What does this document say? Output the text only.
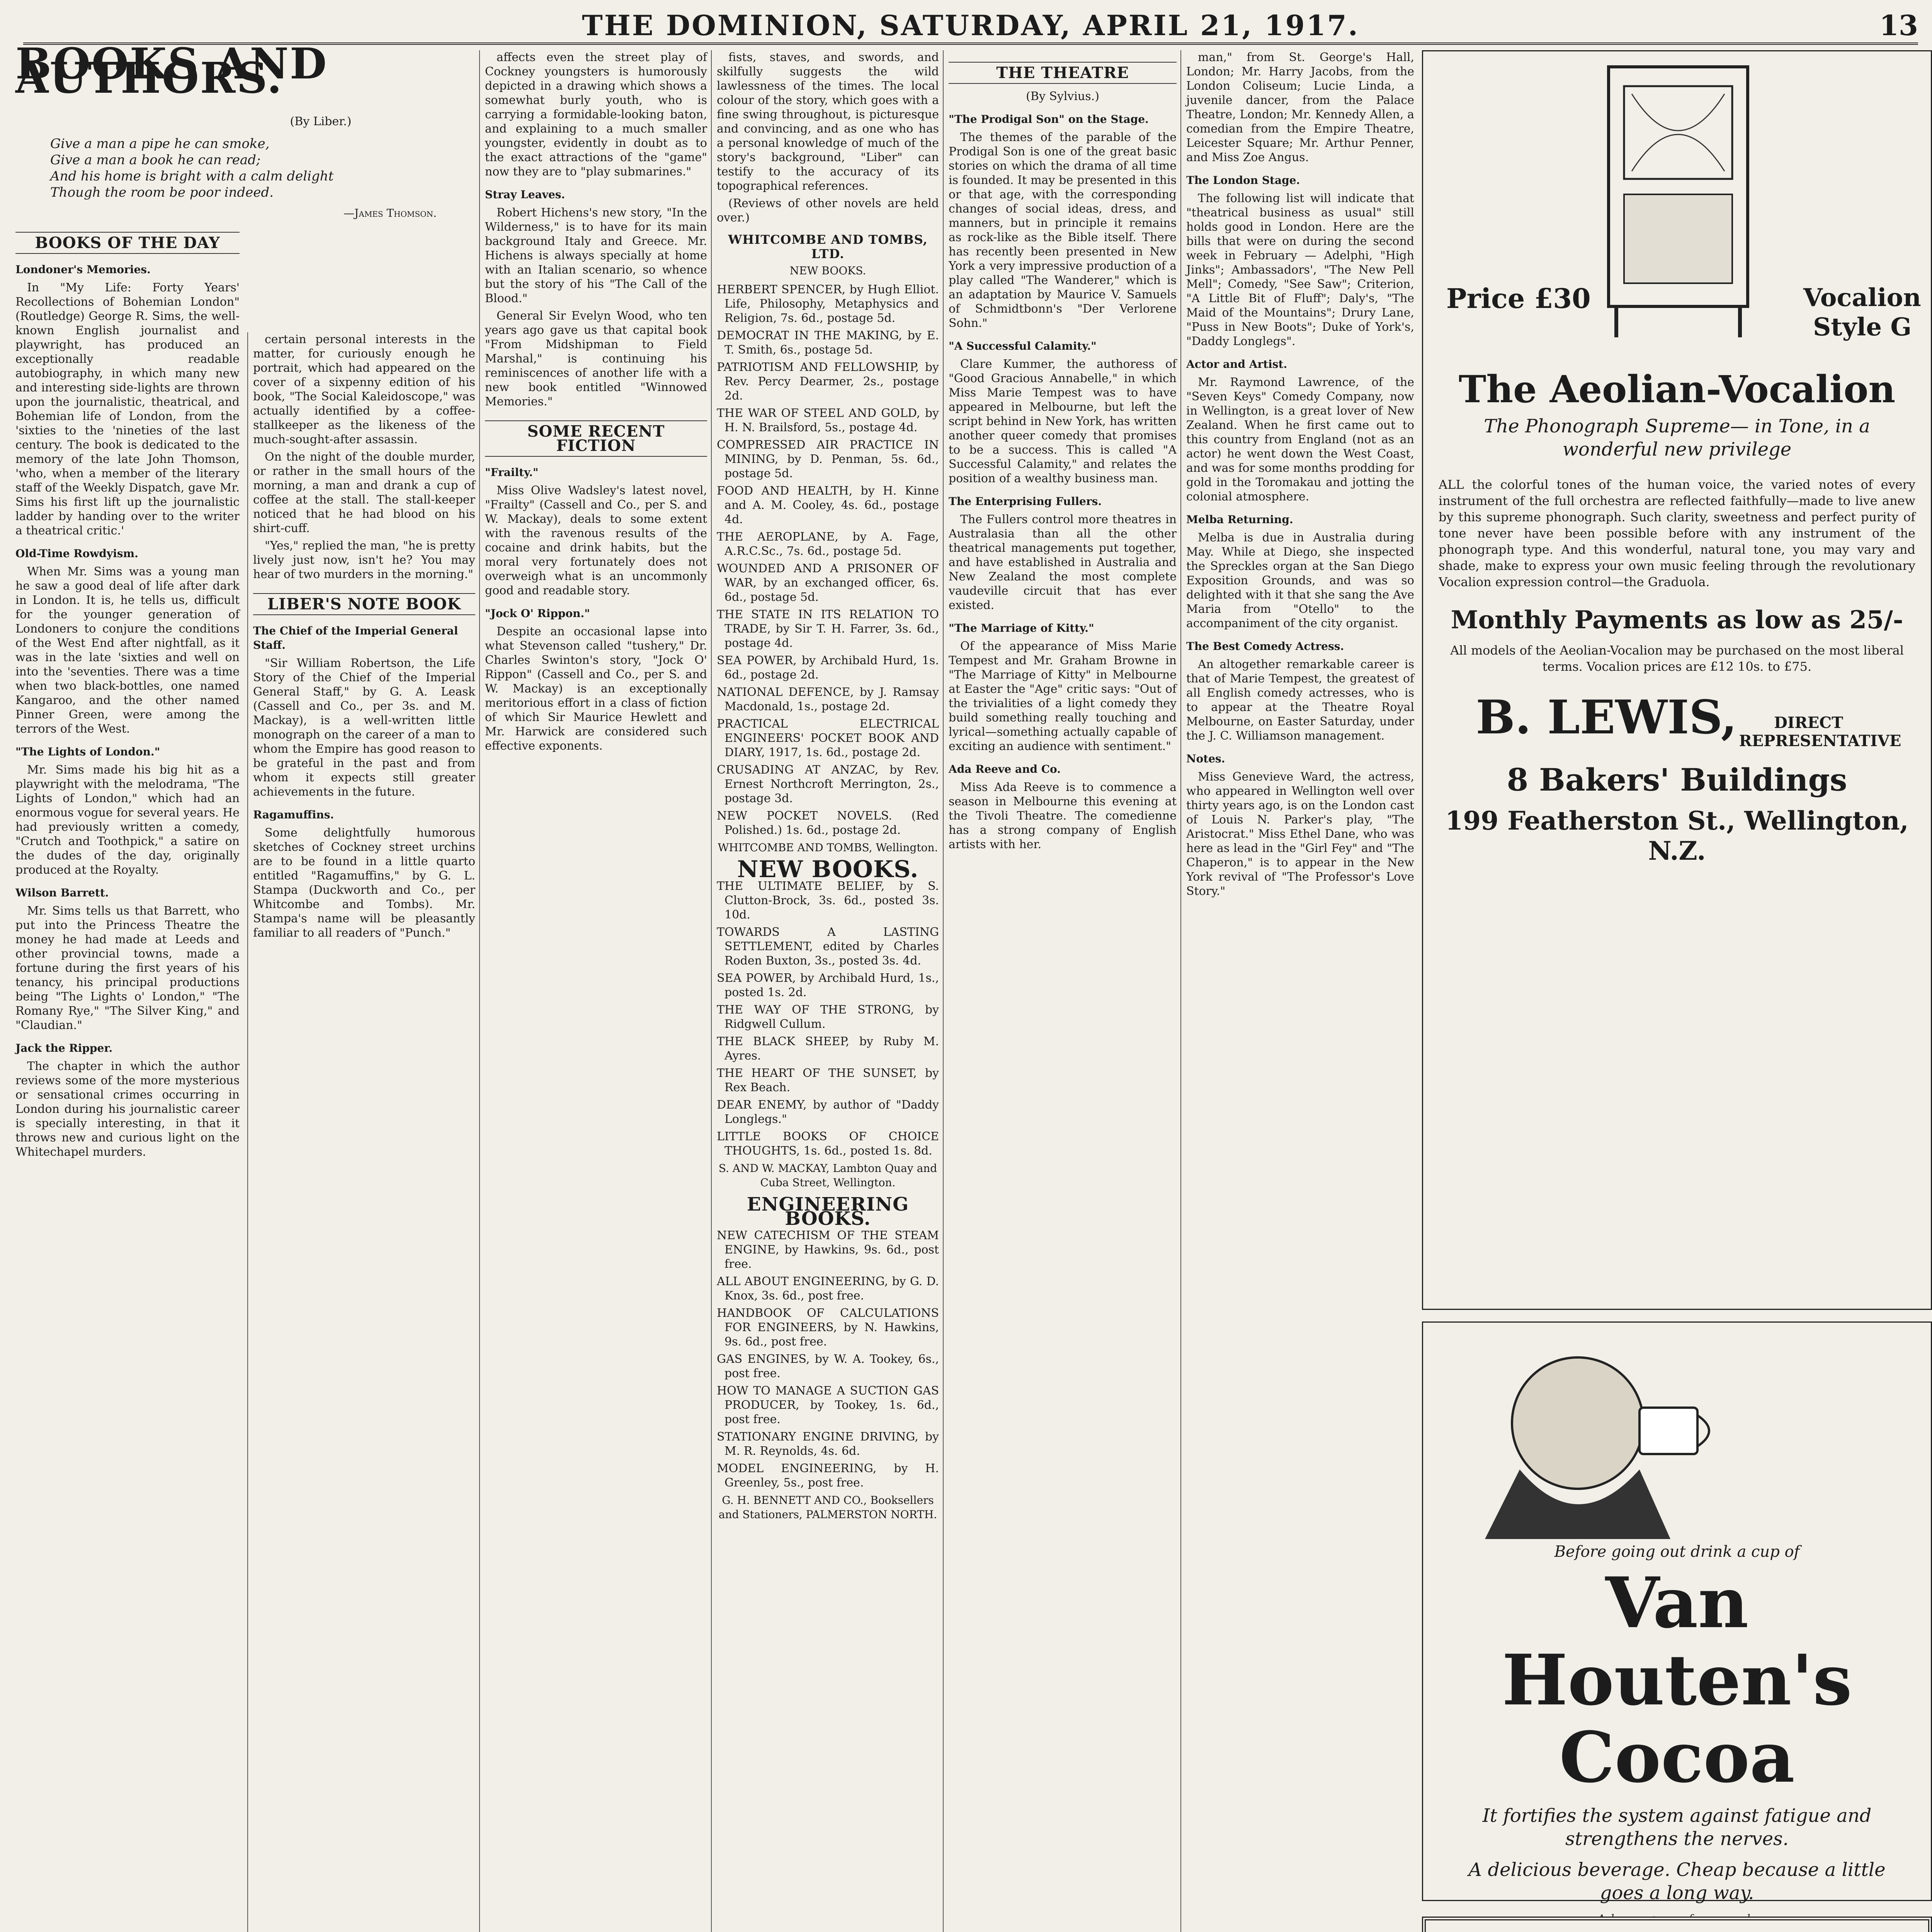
THE DOMINION, SATURDAY, APRIL 21, 1917.	13
BOOKS AND AUTHORS.
(By Liber.)
Give a man a pipe he can smoke,
Give a man a book he can read;
And his home is bright with a calm delight
Though the room be poor indeed.
—James Thomson.
BOOKS OF THE DAY
Londoner's Memories.

In "My Life: Forty Years' Recollections of Bohemian London" (Routledge) George R. Sims, the well-known English journalist and playwright, has produced an exceptionally readable autobiography, in which many new and interesting side-lights are thrown upon the journalistic, theatrical, and Bohemian life of London, from the 'sixties to the 'nineties of the last century. The book is dedicated to the memory of the late John Thomson, 'who, when a member of the literary staff of the Weekly Dispatch, gave Mr. Sims his first lift up the journalistic ladder by handing over to the writer a theatrical critic.'

Old-Time Rowdyism.

When Mr. Sims was a young man he saw a good deal of life after dark in London. It is, he tells us, difficult for the younger generation of Londoners to conjure the conditions of the West End after nightfall, as it was in the late 'sixties and well on into the 'seventies. There was a time when two black-bottles, one named Kangaroo, and the other named Pinner Green, were among the terrors of the West.

"The Lights of London."

Mr. Sims made his big hit as a playwright with the melodrama, "The Lights of London," which had an enormous vogue for several years. He had previously written a comedy, "Crutch and Toothpick," a satire on the dudes of the day, originally produced at the Royalty.

Wilson Barrett.

Mr. Sims tells us that Barrett, who put into the Princess Theatre the money he had made at Leeds and other provincial towns, made a fortune during the first years of his tenancy, his principal productions being "The Lights o' London," "The Romany Rye," "The Silver King," and "Claudian."

Jack the Ripper.

The chapter in which the author reviews some of the more mysterious or sensational crimes occurring in London during his journalistic career is specially interesting, in that it throws new and curious light on the Whitechapel murders.

certain personal interests in the matter, for curiously enough he portrait, which had appeared on the cover of a sixpenny edition of his book, "The Social Kaleidoscope," was actually identified by a coffee-stallkeeper as the likeness of the much-sought-after assassin.

On the night of the double murder, or rather in the small hours of the morning, a man and drank a cup of coffee at the stall. The stall-keeper noticed that he had blood on his shirt-cuff.

"Yes," replied the man, "he is pretty lively just now, isn't he? You may hear of two murders in the morning."

LIBER'S NOTE BOOK
The Chief of the Imperial General Staff.

"Sir William Robertson, the Life Story of the Chief of the Imperial General Staff," by G. A. Leask (Cassell and Co., per 3s. and M. Mackay), is a well-written little monograph on the career of a man to whom the Empire has good reason to be grateful in the past and from whom it expects still greater achievements in the future.

Ragamuffins.

Some delightfully humorous sketches of Cockney street urchins are to be found in a little quarto entitled "Ragamuffins," by G. L. Stampa (Duckworth and Co., per Whitcombe and Tombs). Mr. Stampa's name will be pleasantly familiar to all readers of "Punch."

affects even the street play of Cockney youngsters is humorously depicted in a drawing which shows a somewhat burly youth, who is carrying a formidable-looking baton, and explaining to a much smaller youngster, evidently in doubt as to the exact attractions of the "game" now they are to "play submarines."

Stray Leaves.

Robert Hichens's new story, "In the Wilderness," is to have for its main background Italy and Greece. Mr. Hichens is always specially at home with an Italian scenario, so whence but the story of his "The Call of the Blood."

General Sir Evelyn Wood, who ten years ago gave us that capital book "From Midshipman to Field Marshal," is continuing his reminiscences of another life with a new book entitled "Winnowed Memories."

SOME RECENT FICTION
"Frailty."

Miss Olive Wadsley's latest novel, "Frailty" (Cassell and Co., per S. and W. Mackay), deals to some extent with the ravenous results of the cocaine and drink habits, but the moral very fortunately does not overweigh what is an uncommonly good and readable story.

"Jock O' Rippon."

Despite an occasional lapse into what Stevenson called "tushery," Dr. Charles Swinton's story, "Jock O' Rippon" (Cassell and Co., per S. and W. Mackay) is an exceptionally meritorious effort in a class of fiction of which Sir Maurice Hewlett and Mr. Harwick are considered such effective exponents.

fists, staves, and swords, and skilfully suggests the wild lawlessness of the times. The local colour of the story, which goes with a fine swing throughout, is picturesque and convincing, and as one who has a personal knowledge of much of the story's background, "Liber" can testify to the accuracy of its topographical references.

(Reviews of other novels are held over.)

WHITCOMBE AND TOMBS, LTD.
NEW BOOKS.
HERBERT SPENCER, by Hugh Elliot. Life, Philosophy, Metaphysics and Religion, 7s. 6d., postage 5d.
DEMOCRAT IN THE MAKING, by E. T. Smith, 6s., postage 5d.
PATRIOTISM AND FELLOWSHIP, by Rev. Percy Dearmer, 2s., postage 2d.
THE WAR OF STEEL AND GOLD, by H. N. Brailsford, 5s., postage 4d.
COMPRESSED AIR PRACTICE IN MINING, by D. Penman, 5s. 6d., postage 5d.
FOOD AND HEALTH, by H. Kinne and A. M. Cooley, 4s. 6d., postage 4d.
THE AEROPLANE, by A. Fage, A.R.C.Sc., 7s. 6d., postage 5d.
WOUNDED AND A PRISONER OF WAR, by an exchanged officer, 6s. 6d., postage 5d.
THE STATE IN ITS RELATION TO TRADE, by Sir T. H. Farrer, 3s. 6d., postage 4d.
SEA POWER, by Archibald Hurd, 1s. 6d., postage 2d.
NATIONAL DEFENCE, by J. Ramsay Macdonald, 1s., postage 2d.
PRACTICAL ELECTRICAL ENGINEERS' POCKET BOOK AND DIARY, 1917, 1s. 6d., postage 2d.
CRUSADING AT ANZAC, by Rev. Ernest Northcroft Merrington, 2s., postage 3d.
NEW POCKET NOVELS. (Red Polished.) 1s. 6d., postage 2d.
WHITCOMBE AND TOMBS, Wellington.
NEW BOOKS.
THE ULTIMATE BELIEF, by S. Clutton-Brock, 3s. 6d., posted 3s. 10d.
TOWARDS A LASTING SETTLEMENT, edited by Charles Roden Buxton, 3s., posted 3s. 4d.
SEA POWER, by Archibald Hurd, 1s., posted 1s. 2d.
THE WAY OF THE STRONG, by Ridgwell Cullum.
THE BLACK SHEEP, by Ruby M. Ayres.
THE HEART OF THE SUNSET, by Rex Beach.
DEAR ENEMY, by author of "Daddy Longlegs."
LITTLE BOOKS OF CHOICE THOUGHTS, 1s. 6d., posted 1s. 8d.
S. AND W. MACKAY, Lambton Quay and Cuba Street, Wellington.
ENGINEERING BOOKS.
NEW CATECHISM OF THE STEAM ENGINE, by Hawkins, 9s. 6d., post free.
ALL ABOUT ENGINEERING, by G. D. Knox, 3s. 6d., post free.
HANDBOOK OF CALCULATIONS FOR ENGINEERS, by N. Hawkins, 9s. 6d., post free.
GAS ENGINES, by W. A. Tookey, 6s., post free.
HOW TO MANAGE A SUCTION GAS PRODUCER, by Tookey, 1s. 6d., post free.
STATIONARY ENGINE DRIVING, by M. R. Reynolds, 4s. 6d.
MODEL ENGINEERING, by H. Greenley, 5s., post free.
G. H. BENNETT AND CO., Booksellers and Stationers, PALMERSTON NORTH.
THE THEATRE
(By Sylvius.)
"The Prodigal Son" on the Stage.

The themes of the parable of the Prodigal Son is one of the great basic stories on which the drama of all time is founded. It may be presented in this or that age, with the corresponding changes of social ideas, dress, and manners, but in principle it remains as rock-like as the Bible itself. There has recently been presented in New York a very impressive production of a play called "The Wanderer," which is an adaptation by Maurice V. Samuels of Schmidtbonn's "Der Verlorene Sohn."

"A Successful Calamity."

Clare Kummer, the authoress of "Good Gracious Annabelle," in which Miss Marie Tempest was to have appeared in Melbourne, but left the script behind in New York, has written another queer comedy that promises to be a success. This is called "A Successful Calamity," and relates the position of a wealthy business man.

The Enterprising Fullers.

The Fullers control more theatres in Australasia than all the other theatrical managements put together, and have established in Australia and New Zealand the most complete vaudeville circuit that has ever existed.

"The Marriage of Kitty."

Of the appearance of Miss Marie Tempest and Mr. Graham Browne in "The Marriage of Kitty" in Melbourne at Easter the "Age" critic says: "Out of the trivialities of a light comedy they build something really touching and lyrical—something actually capable of exciting an audience with sentiment."

Ada Reeve and Co.

Miss Ada Reeve is to commence a season in Melbourne this evening at the Tivoli Theatre. The comedienne has a strong company of English artists with her.

man," from St. George's Hall, London; Mr. Harry Jacobs, from the London Coliseum; Lucie Linda, a juvenile dancer, from the Palace Theatre, London; Mr. Kennedy Allen, a comedian from the Empire Theatre, Leicester Square; Mr. Arthur Penner, and Miss Zoe Angus.

The London Stage.

The following list will indicate that "theatrical business as usual" still holds good in London. Here are the bills that were on during the second week in February — Adelphi, "High Jinks"; Ambassadors', "The New Pell Mell"; Comedy, "See Saw"; Criterion, "A Little Bit of Fluff"; Daly's, "The Maid of the Mountains"; Drury Lane, "Puss in New Boots"; Duke of York's, "Daddy Longlegs".

Actor and Artist.

Mr. Raymond Lawrence, of the "Seven Keys" Comedy Company, now in Wellington, is a great lover of New Zealand. When he first came out to this country from England (not as an actor) he went down the West Coast, and was for some months prodding for gold in the Toromakau and jotting the colonial atmosphere.

Melba Returning.

Melba is due in Australia during May. While at Diego, she inspected the Spreckles organ at the San Diego Exposition Grounds, and was so delighted with it that she sang the Ave Maria from "Otello" to the accompaniment of the city organist.

The Best Comedy Actress.

An altogether remarkable career is that of Marie Tempest, the greatest of all English comedy actresses, who is to appear at the Theatre Royal Melbourne, on Easter Saturday, under the J. C. Williamson management.

Notes.

Miss Genevieve Ward, the actress, who appeared in Wellington well over thirty years ago, is on the London cast of Louis N. Parker's play, "The Aristocrat." Miss Ethel Dane, who was here as lead in the "Girl Fey" and "The Chaperon," is to appear in the New York revival of "The Professor's Love Story."

Price £30	Vocalion Style G
The Aeolian-Vocalion
The Phonograph Supreme— in Tone, in a wonderful new privilege
ALL the colorful tones of the human voice, the varied notes of every instrument of the full orchestra are reflected faithfully—made to live anew by this supreme phonograph. Such clarity, sweetness and perfect purity of tone never have been possible before with any instrument of the phonograph type. And this wonderful, natural tone, you may vary and shade, make to express your own music feeling through the revolutionary Vocalion expression control—the Graduola.
Monthly Payments as low as 25/-
All models of the Aeolian-Vocalion may be purchased on the most liberal terms. Vocalion prices are £12 10s. to £75.
B. LEWIS, DIRECT REPRESENTATIVE
8 Bakers' Buildings
199 Featherston St., Wellington, N.Z.
Before going out drink a cup of
Van Houten's
Cocoa
It fortifies the system against fatigue and strengthens the nerves.
A delicious beverage. Cheap because a little goes a long way.
